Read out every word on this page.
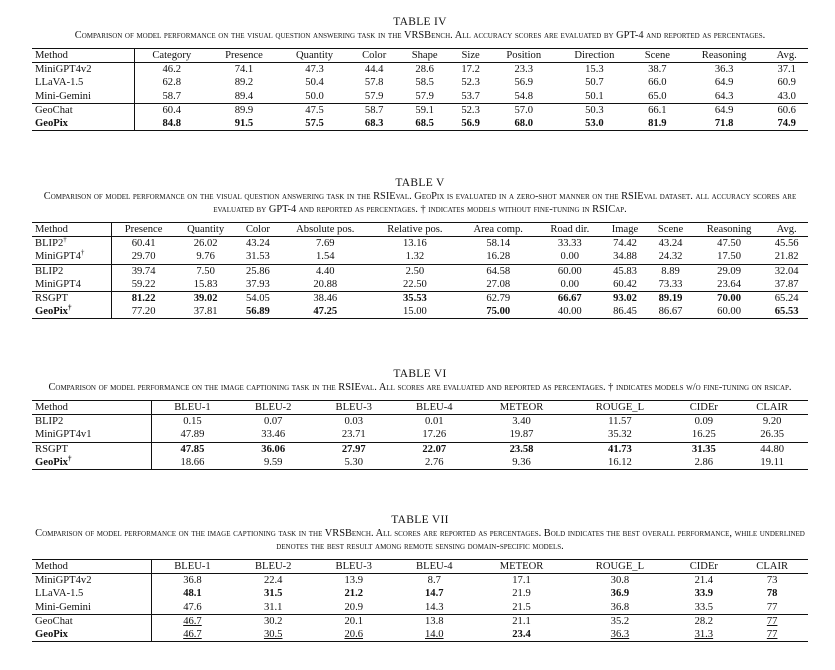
TABLE IV
Comparison of model performance on the visual question answering task in the VRSBench. All accuracy scores are evaluated by GPT-4 and reported as percentages.
Method	Category	Presence	Quantity	Color	Shape	Size	Position	Direction	Scene	Reasoning	Avg.
MiniGPT4v2	46.2	74.1	47.3	44.4	28.6	17.2	23.3	15.3	38.7	36.3	37.1
LLaVA-1.5	62.8	89.2	50.4	57.8	58.5	52.3	56.9	50.7	66.0	64.9	60.9
Mini-Gemini	58.7	89.4	50.0	57.9	57.9	53.7	54.8	50.1	65.0	64.3	43.0
GeoChat	60.4	89.9	47.5	58.7	59.1	52.3	57.0	50.3	66.1	64.9	60.6
GeoPix	84.8	91.5	57.5	68.3	68.5	56.9	68.0	53.0	81.9	71.8	74.9
TABLE V
Comparison of model performance on the visual question answering task in the RSIEval. GeoPix is evaluated in a zero-shot manner on the RSIEval dataset. all accuracy scores are evaluated by GPT-4 and reported as percentages. † indicates models without fine-tuning in RSICap.
Method	Presence	Quantity	Color	Absolute pos.	Relative pos.	Area comp.	Road dir.	Image	Scene	Reasoning	Avg.
BLIP2†	60.41	26.02	43.24	7.69	13.16	58.14	33.33	74.42	43.24	47.50	45.56
MiniGPT4†	29.70	9.76	31.53	1.54	1.32	16.28	0.00	34.88	24.32	17.50	21.82
BLIP2	39.74	7.50	25.86	4.40	2.50	64.58	60.00	45.83	8.89	29.09	32.04
MiniGPT4	59.22	15.83	37.93	20.88	22.50	27.08	0.00	60.42	73.33	23.64	37.87
RSGPT	81.22	39.02	54.05	38.46	35.53	62.79	66.67	93.02	89.19	70.00	65.24
GeoPix†	77.20	37.81	56.89	47.25	15.00	75.00	40.00	86.45	86.67	60.00	65.53
TABLE VI
Comparison of model performance on the image captioning task in the RSIEval. All scores are evaluated and reported as percentages. † indicates models w/o fine-tuning on rsicap.
Method	BLEU-1	BLEU-2	BLEU-3	BLEU-4	METEOR	ROUGE_L	CIDEr	CLAIR
BLIP2	0.15	0.07	0.03	0.01	3.40	11.57	0.09	9.20
MiniGPT4v1	47.89	33.46	23.71	17.26	19.87	35.32	16.25	26.35
RSGPT	47.85	36.06	27.97	22.07	23.58	41.73	31.35	44.80
GeoPix†	18.66	9.59	5.30	2.76	9.36	16.12	2.86	19.11
TABLE VII
Comparison of model performance on the image captioning task in the VRSBench. All scores are reported as percentages. Bold indicates the best overall performance, while underlined denotes the best result among remote sensing domain-specific models.
Method	BLEU-1	BLEU-2	BLEU-3	BLEU-4	METEOR	ROUGE_L	CIDEr	CLAIR
MiniGPT4v2	36.8	22.4	13.9	8.7	17.1	30.8	21.4	73
LLaVA-1.5	48.1	31.5	21.2	14.7	21.9	36.9	33.9	78
Mini-Gemini	47.6	31.1	20.9	14.3	21.5	36.8	33.5	77
GeoChat	46.7	30.2	20.1	13.8	21.1	35.2	28.2	77
GeoPix	46.7	30.5	20.6	14.0	23.4	36.3	31.3	77
